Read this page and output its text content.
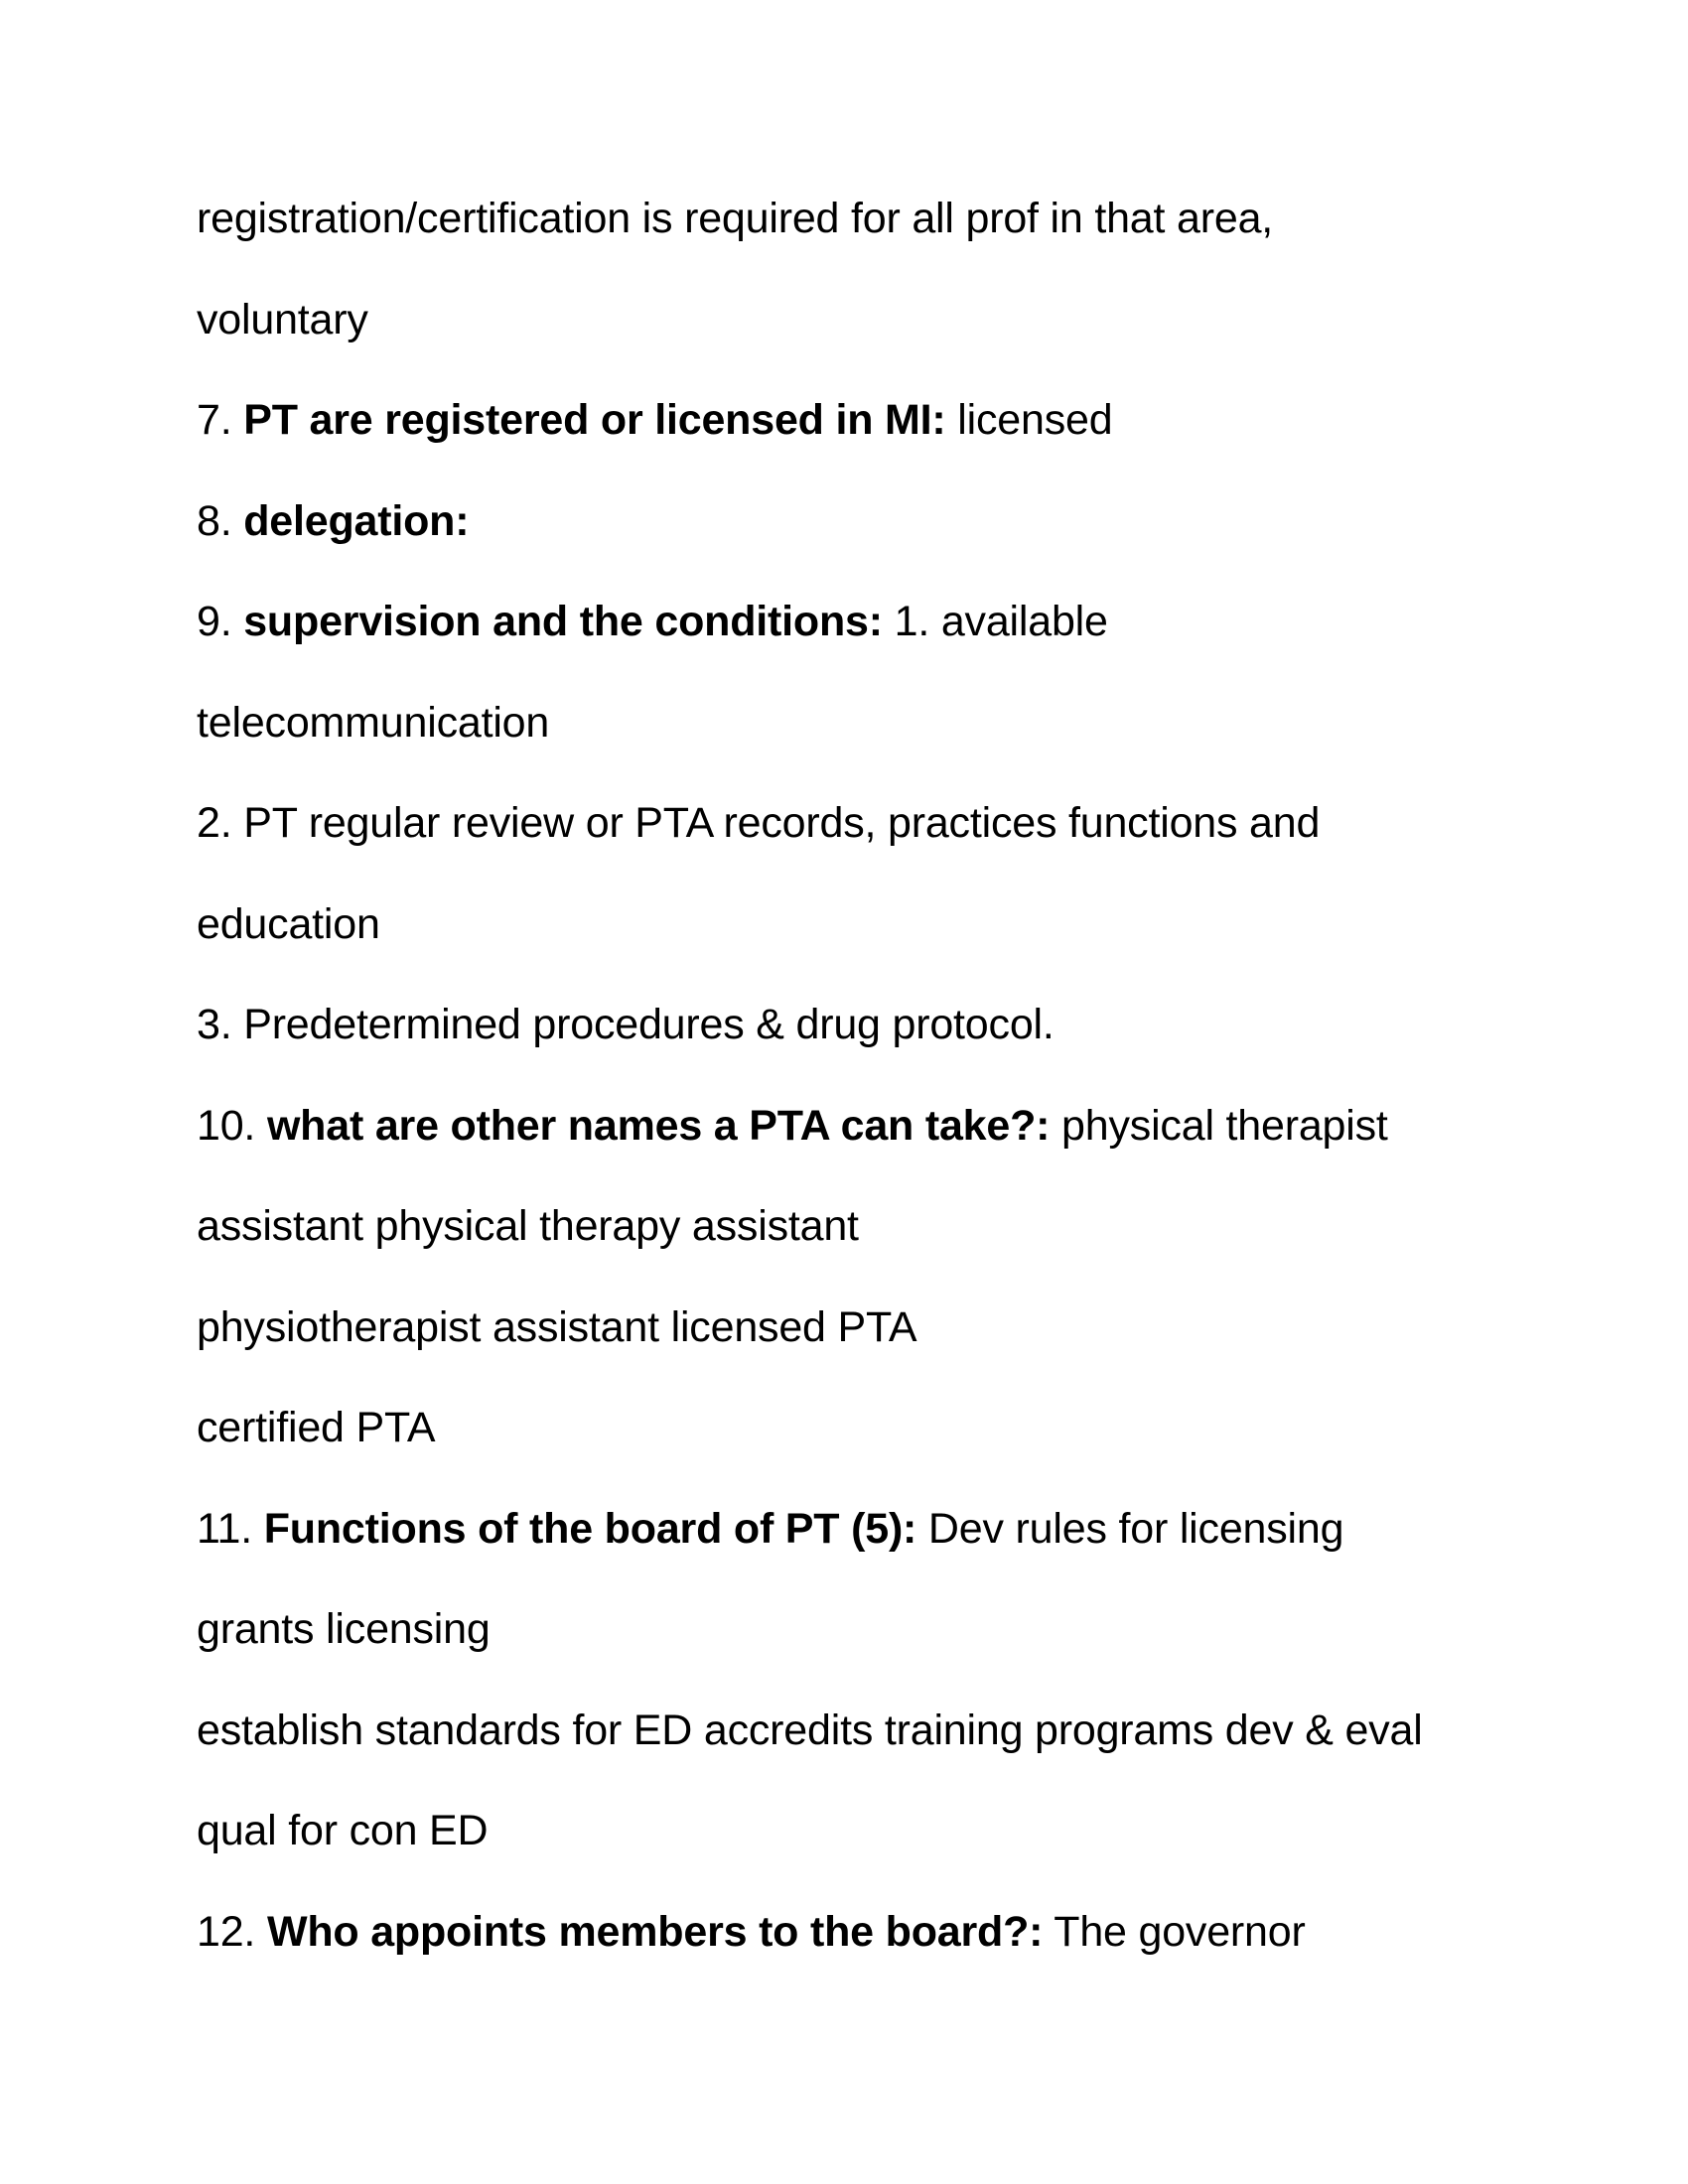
registration/certification is required for all prof in that area,
voluntary
7. PT are registered or licensed in MI: licensed
8. delegation:
9. supervision and the conditions: 1. available
telecommunication
2. PT regular review or PTA records, practices functions and
education
3. Predetermined procedures & drug protocol.
10. what are other names a PTA can take?: physical therapist
assistant physical therapy assistant
physiotherapist assistant licensed PTA
certified PTA
11. Functions of the board of PT (5): Dev rules for licensing
grants licensing
establish standards for ED accredits training programs dev & eval
qual for con ED
12. Who appoints members to the board?: The governor
